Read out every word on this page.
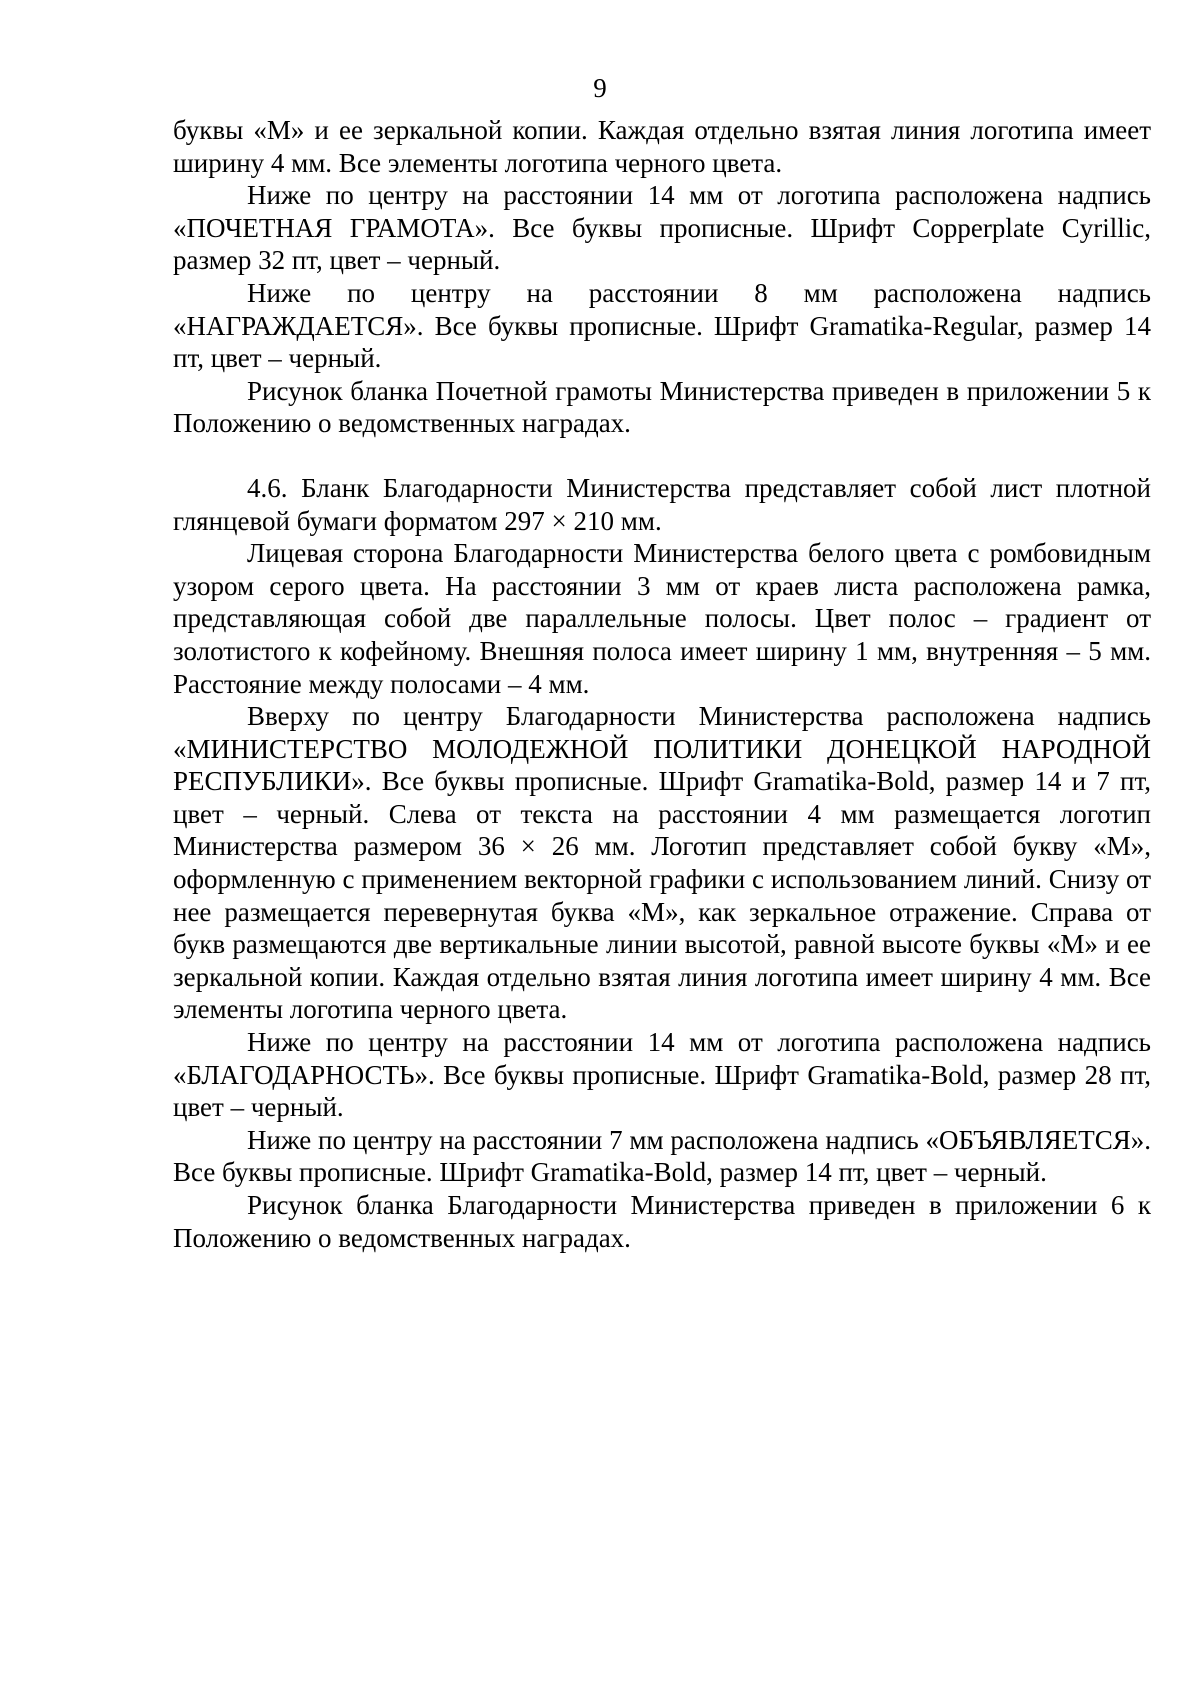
9

буквы «М» и ее зеркальной копии. Каждая отдельно взятая линия логотипа имеет ширину 4 мм. Все элементы логотипа черного цвета.

Ниже по центру на расстоянии 14 мм от логотипа расположена надпись «ПОЧЕТНАЯ ГРАМОТА». Все буквы прописные. Шрифт Copperplate Cyrillic, размер 32 пт, цвет – черный.

Ниже по центру на расстоянии 8 мм расположена надпись «НАГРАЖДАЕТСЯ». Все буквы прописные. Шрифт Gramatika-Regular, размер 14 пт, цвет – черный.

Рисунок бланка Почетной грамоты Министерства приведен в приложении 5 к Положению о ведомственных наградах.

4.6. Бланк Благодарности Министерства представляет собой лист плотной глянцевой бумаги форматом 297 × 210 мм.

Лицевая сторона Благодарности Министерства белого цвета с ромбовидным узором серого цвета. На расстоянии 3 мм от краев листа расположена рамка, представляющая собой две параллельные полосы. Цвет полос – градиент от золотистого к кофейному. Внешняя полоса имеет ширину 1 мм, внутренняя – 5 мм. Расстояние между полосами – 4 мм.

Вверху по центру Благодарности Министерства расположена надпись «МИНИСТЕРСТВО МОЛОДЕЖНОЙ ПОЛИТИКИ ДОНЕЦКОЙ НАРОДНОЙ РЕСПУБЛИКИ». Все буквы прописные. Шрифт Gramatika-Bold, размер 14 и 7 пт, цвет – черный. Слева от текста на расстоянии 4 мм размещается логотип Министерства размером 36 × 26 мм. Логотип представляет собой букву «М», оформленную с применением векторной графики с использованием линий. Снизу от нее размещается перевернутая буква «М», как зеркальное отражение. Справа от букв размещаются две вертикальные линии высотой, равной высоте буквы «М» и ее зеркальной копии. Каждая отдельно взятая линия логотипа имеет ширину 4 мм. Все элементы логотипа черного цвета.

Ниже по центру на расстоянии 14 мм от логотипа расположена надпись «БЛАГОДАРНОСТЬ». Все буквы прописные. Шрифт Gramatika-Bold, размер 28 пт, цвет – черный.

Ниже по центру на расстоянии 7 мм расположена надпись «ОБЪЯВЛЯЕТСЯ». Все буквы прописные. Шрифт Gramatika-Bold, размер 14 пт, цвет – черный.

Рисунок бланка Благодарности Министерства приведен в приложении 6 к Положению о ведомственных наградах.
